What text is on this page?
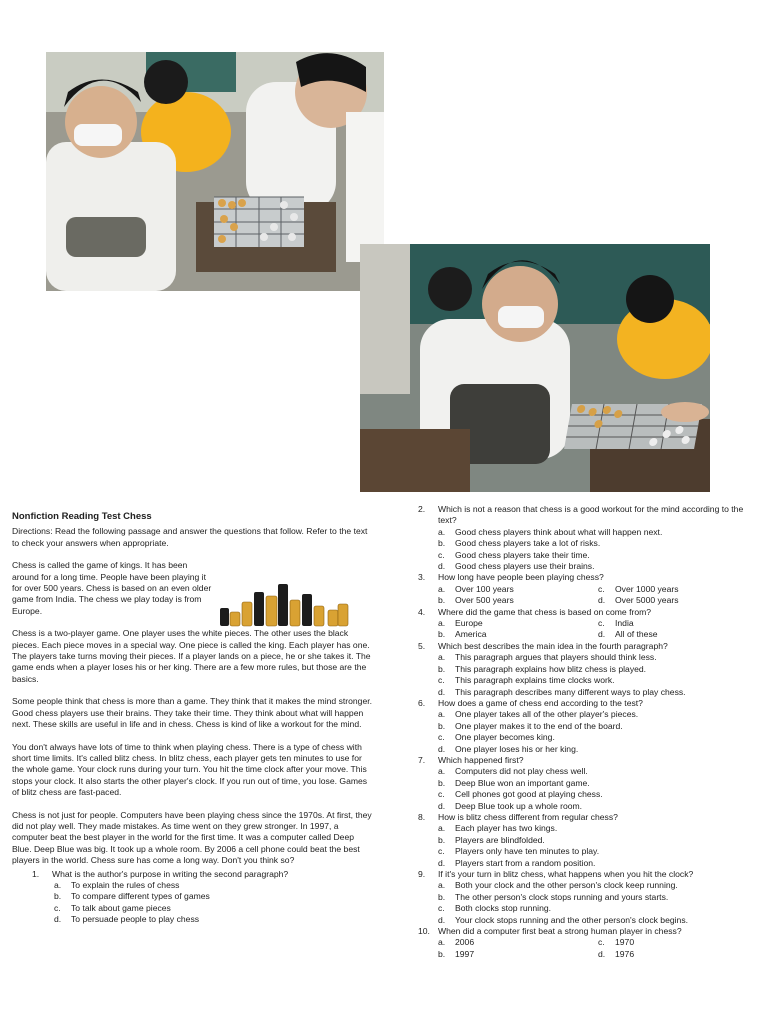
Nonfiction Reading Test Chess

Directions: Read the following passage and answer the questions that follow. Refer to the text to check your answers when appropriate.

Chess is called the game of kings. It has been around for a long time. People have been playing it for over 500 years. Chess is based on an even older game from India. The chess we play today is from Europe.

Chess is a two-player game. One player uses the white pieces. The other uses the black pieces. Each piece moves in a special way. One piece is called the king. Each player has one. The players take turns moving their pieces. If a player lands on a piece, he or she takes it. The game ends when a player loses his or her king. There are a few more rules, but those are the basics.

Some people think that chess is more than a game. They think that it makes the mind stronger. Good chess players use their brains. They take their time. They think about what will happen next. These skills are useful in life and in chess. Chess is kind of like a workout for the mind.

You don't always have lots of time to think when playing chess. There is a type of chess with short time limits. It's called blitz chess. In blitz chess, each player gets ten minutes to use for the whole game. Your clock runs during your turn. You hit the time clock after your move. This stops your clock. It also starts the other player's clock. If you run out of time, you lose. Games of blitz chess are fast-paced.

Chess is not just for people. Computers have been playing chess since the 1970s. At first, they did not play well. They made mistakes. As time went on they grew stronger. In 1997, a computer beat the best player in the world for the first time. It was a computer called Deep Blue. Deep Blue was big. It took up a whole room. By 2006 a cell phone could beat the best players in the world. Chess sure has come a long way. Don't you think so?

1.	What is the author's purpose in writing the second paragraph?
a.	To explain the rules of chess
b.	To compare different types of games
c.	To talk about game pieces
d.	To persuade people to play chess
2.	Which is not a reason that chess is a good workout for the mind according to the text?
a.	Good chess players think about what will happen next.
b.	Good chess players take a lot of risks.
c.	Good chess players take their time.
d.	Good chess players use their brains.
3.	How long have people been playing chess?
a. Over 100 years	c. Over 1000 years
b. Over 500 years	d. Over 5000 years
4.	Where did the game that chess is based on come from?
a. Europe	c. India
b. America	d. All of these
5.	Which best describes the main idea in the fourth paragraph?
a.	This paragraph argues that players should think less.
b.	This paragraph explains how blitz chess is played.
c.	This paragraph explains time clocks work.
d.	This paragraph describes many different ways to play chess.
6.	How does a game of chess end according to the test?
a.	One player takes all of the other player's pieces.
b.	One player makes it to the end of the board.
c.	One player becomes king.
d.	One player loses his or her king.
7.	Which happened first?
a.	Computers did not play chess well.
b.	Deep Blue won an important game.
c.	Cell phones got good at playing chess.
d.	Deep Blue took up a whole room.
8.	How is blitz chess different from regular chess?
a.	Each player has two kings.
b.	Players are blindfolded.
c.	Players only have ten minutes to play.
d.	Players start from a random position.
9.	If it's your turn in blitz chess, what happens when you hit the clock?
a.	Both your clock and the other person's clock keep running.
b.	The other person's clock stops running and yours starts.
c.	Both clocks stop running.
d.	Your clock stops running and the other person's clock begins.
10. When did a computer first beat a strong human player in chess?
a. 2006	c. 1970
b. 1997	d. 1976
